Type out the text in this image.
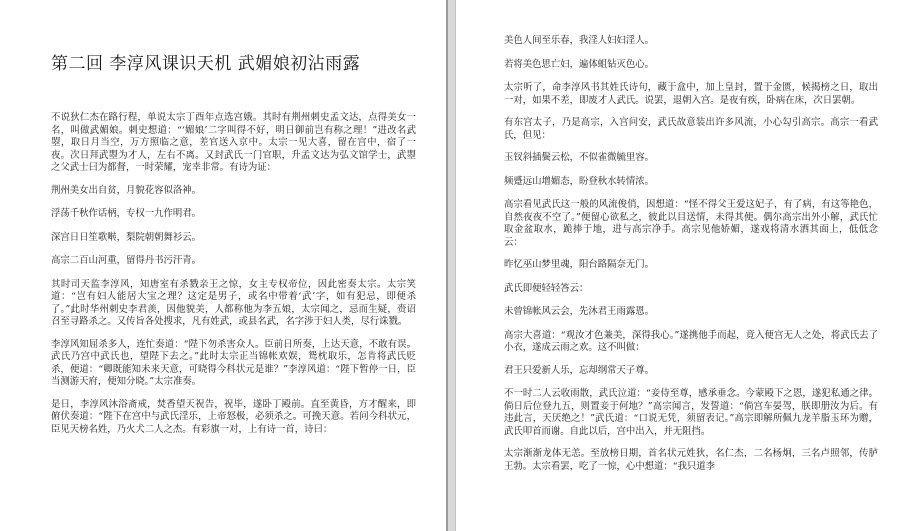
第二回 李淳风课识天机 武媚娘初沾雨露

不说狄仁杰在路行程，单说太宗丁酉年点选宫娥。其时有荆州刺史孟文达，点得美女一名，叫做武媚娘。刺史想道：“‘媚娘’二字叫得不好，明日御前岂有称之理！”进改名武曌，取日月当空，万方照临之意，差官送入京中。太宗一见大喜，留在宫中，宿了一夜。次日拜武曌为才人，左右不离。又封武氏一门官职，升孟文达为弘文馆学士，武曌之父武士曰为都督，一时荣耀，宠幸非常。有诗为证：

荆州美女出自贫，月貌花容似洛神。

浮荡千秋作话柄，专权一九作明君。

深宫日日笙歌啭，梨院朝朝舞衫云。

高宗二百山河重，留得丹书污汗青。

其时司天监李淳风，知唐室有杀戮亲王之惊，女主专权帝位，因此密奏太宗。太宗笑道：“岂有妇人能居大宝之理？这定是男子，或名中带着‘武’字，如有犯忌，即便杀了。”此时华州刺史李君羡，因他貌美，人都称他为李五娘，太宗闻之，忌而生疑，赍诏召至寻路杀之。又传旨各处搜求，凡有姓武，或县名武，名字涉于妇人类，尽行诛戮。

李淳风知屈杀多人，连忙奏道：“陛下勿杀害众人。臣前日所奏，上达天意，不敢有误。武氏乃宫中武氏也，望陛下去之。”此时太宗正当锦帐欢娱，鸳枕取乐，怎肯将武氏贬杀，便道：“卿既能知未来天意，可晓得今科状元是谁？”李淳风道：“陛下暂停一日，臣当测游天府，便知分晓。”太宗准奏。

是日，李淳风沐浴斋戒，焚香望天祝告，祝毕，遂卧丁殿前。直至黄昏，方才醒来，即俯伏奏道：“陛下在宫中与武氏淫乐，上帝怒极，必须杀之。可挽天意。若问今科状元，臣见天榜名姓，乃火犬二人之杰。有彩旗一对，上有诗一首，诗曰：

美色人间至乐春，我淫人妇妇淫人。

若将美色思亡妇，遍体蛆钻灭色心。

太宗听了，命李淳风书其姓氏诗句，藏于盒中，加上皇封，置于金匮，候揭榜之日，取出一对，如果不差，即废才人武氏。说罢，退朝入宫。是夜有疾，卧病在床，次日罢朝。

有东宫太子，乃是高宗，入宫问安，武氏故意装出许多风流，小心勾引高宗。高宗一看武氏，但见：

玉钗斜插鬓云松，不似雀微毓里容。

频蹙远山增媚态，盼登秋水转情浓。

高宗看见武氏这一般的风流俊俏，因想道：“怪不得父王爱这妃子，有了病，有这等艳色，自然夜夜不空了。”便留心欲私之，彼此以目送情，未得其便。偶尔高宗出外小解，武氏忙取金盆取水，跪捧于地，进与高宗净手。高宗见他娇媚，遂戏将清水洒其面上，低低念云：

昨忆巫山梦里魂，阳台路隔奈无门。

武氏即便轻轻答云：

未曾锦帐风云会，先沐君王雨露恩。

高宗大喜道：“观汝才色兼美，深得我心。”遂携他手而起，竟入便宫无人之处，将武氏去了小衣，遂成云雨之欢。这不叫做：

君王只爱新人乐，忘却纲常天子尊。

不一时二人云收雨散，武氏泣道：“妾侍至尊，感承垂念。今蒙殿下之恩，遂犯私通之律。倘日后位登九五，则置妾于何地？”高宗闻言，发誓道：“倘宫车晏驾，朕即册汝为后。有违此言，天厌绝之！”武氏道：“口说无凭，须留表记。”高宗即解所佩九龙羊脂玉环为赠，武氏叩首而谢。自此以后，宫中出入，并无阻挡。

太宗渐渐龙体无恙。至放榜日期，首名状元姓狄，名仁杰，二名杨炯，三名卢照邻，传胪王勃。太宗看罢，吃了一惊，心中想道：“我只道李
